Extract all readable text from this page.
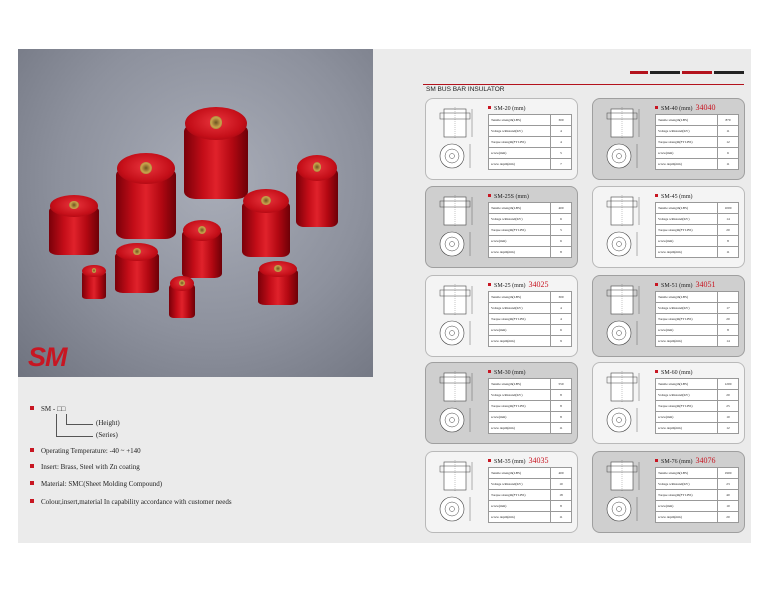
SM
SM - □□
(Height)
(Series)
Operating Temperature: -40 ~ +140
Insert: Brass, Steel with Zn coating
Material: SMC(Sheet Molding Compound)
Colour,insert,material In capability accordance with customer needs
SM BUS BAR INSULATOR
SM-20 (mm)
Tensile strength(LBS)	300
Voltage withstand(KV)	4
Torque strength(FT LBS)	4
screw(mm)	5
screw depth(mm)	7
SM-40 (mm) 34040
Tensile strength(LBS)	870
Voltage withstand(KV)	11
Torque strength(FT LBS)	12
screw(mm)	6
screw depth(mm)	11
SM-25S (mm)
Tensile strength(LBS)	400
Voltage withstand(KV)	6
Torque strength(FT LBS)	5
screw(mm)	6
screw depth(mm)	8
SM-45 (mm)
Tensile strength(LBS)	1000
Voltage withstand(KV)	14
Torque strength(FT LBS)	20
screw(mm)	8
screw depth(mm)	11
SM-25 (mm) 34025
Tensile strength(LBS)	300
Voltage withstand(KV)	4
Torque strength(FT LBS)	4
screw(mm)	6
screw depth(mm)	9
SM-51 (mm) 34051
Tensile strength(LBS)	
Voltage withstand(KV)	17
Torque strength(FT LBS)	20
screw(mm)	8
screw depth(mm)	14
SM-30 (mm)
Tensile strength(LBS)	550
Voltage withstand(KV)	8
Torque strength(FT LBS)	8
screw(mm)	8
screw depth(mm)	11
SM-60 (mm)
Tensile strength(LBS)	1200
Voltage withstand(KV)	20
Torque strength(FT LBS)	25
screw(mm)	10
screw depth(mm)	12
SM-35 (mm) 34035
Tensile strength(LBS)	400
Voltage withstand(KV)	10
Torque strength(FT LBS)	18
screw(mm)	8
screw depth(mm)	11
SM-76 (mm) 34076
Tensile strength(LBS)	1900
Voltage withstand(KV)	23
Torque strength(FT LBS)	40
screw(mm)	10
screw depth(mm)	20
